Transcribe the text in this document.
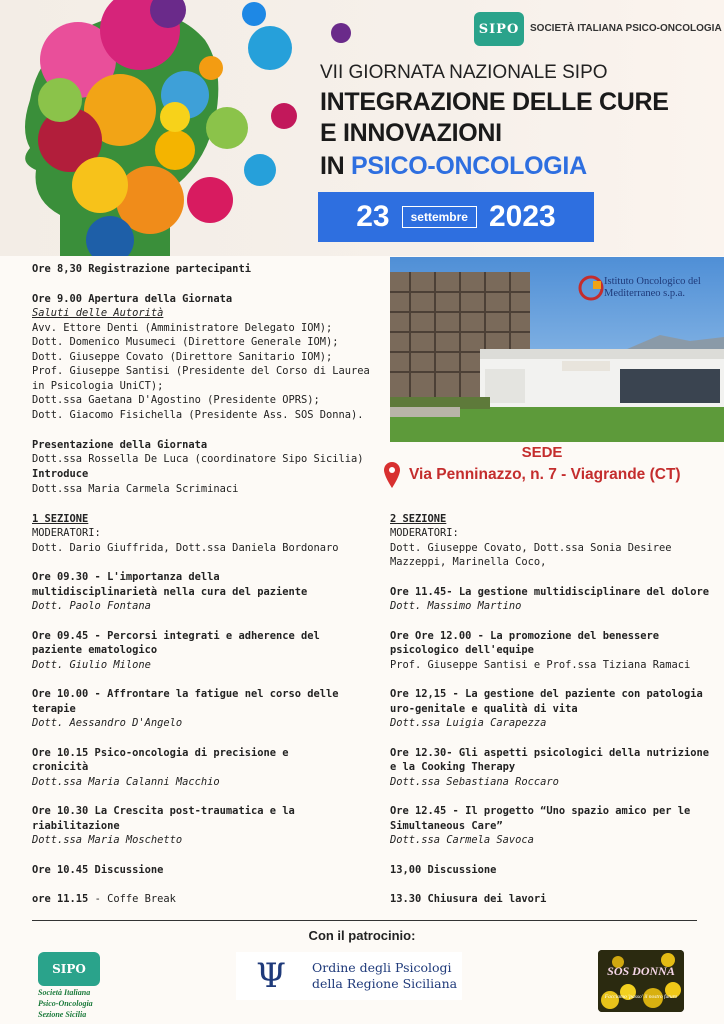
SIPO SOCIETÀ ITALIANA PSICO-ONCOLOGIA
VII GIORNATA NAZIONALE SIPO
INTEGRAZIONE DELLE CURE
E INNOVAZIONI
IN PSICO-ONCOLOGIA
23	settembre 2023
Ore 8,30 Registrazione partecipanti
Ore 9.00 Apertura della Giornata
Saluti delle Autorità
Avv. Ettore Denti (Amministratore Delegato IOM);
Dott. Domenico Musumeci (Direttore Generale IOM);
Dott. Giuseppe Covato (Direttore Sanitario IOM);
Prof. Giuseppe Santisi (Presidente del Corso di Laurea
in Psicologia UniCT);
Dott.ssa Gaetana D'Agostino (Presidente OPRS);
Dott. Giacomo Fisichella (Presidente Ass. SOS Donna).
Presentazione della Giornata
Dott.ssa Rossella De Luca (coordinatore Sipo Sicilia)
Introduce
Dott.ssa Maria Carmela Scriminaci
Istituto Oncologico del Mediterraneo s.p.a.
SEDE
Via Penninazzo, n. 7 - Viagrande (CT)
1 SEZIONE
MODERATORI:
Dott. Dario Giuffrida, Dott.ssa Daniela Bordonaro
Ore 09.30 - L'importanza della
multidisciplinarietà nella cura del paziente
Dott. Paolo Fontana
Ore 09.45 - Percorsi integrati e adherence del
paziente ematologico
Dott. Giulio Milone
Ore 10.00 - Affrontare la fatigue nel corso delle
terapie
Dott. Aessandro D'Angelo
Ore 10.15 Psico-oncologia di precisione e
cronicità
Dott.ssa Maria Calanni Macchio
Ore 10.30 La Crescita post-traumatica e la
riabilitazione
Dott.ssa Maria Moschetto
Ore 10.45 Discussione
ore 11.15 - Coffe Break
2 SEZIONE
MODERATORI:
Dott. Giuseppe Covato, Dott.ssa Sonia Desiree
Mazzeppi, Marinella Coco,
Ore 11.45- La gestione multidisciplinare del dolore
Dott. Massimo Martino
Ore Ore 12.00 - La promozione del benessere
psicologico dell'equipe
Prof. Giuseppe Santisi e Prof.ssa Tiziana Ramaci
Ore 12,15 - La gestione del paziente con patologia
uro-genitale e qualità di vita
Dott.ssa Luigia Carapezza
Ore 12.30- Gli aspetti psicologici della nutrizione
e la Cooking Therapy
Dott.ssa Sebastiana Roccaro
Ore 12.45 - Il progetto “Uno spazio amico per le
Simultaneous Care”
Dott.ssa Carmela Savoca
13,00 Discussione
13.30 Chiusura dei lavori
Con il patrocinio:
SIPO
Società Italiana
Psico-Oncologia
Sezione Sicilia
Ψ	Ordine degli Psicologi
della Regione Siciliana
SOS DONNA
Facciamo 'passo' il nostro futuro
